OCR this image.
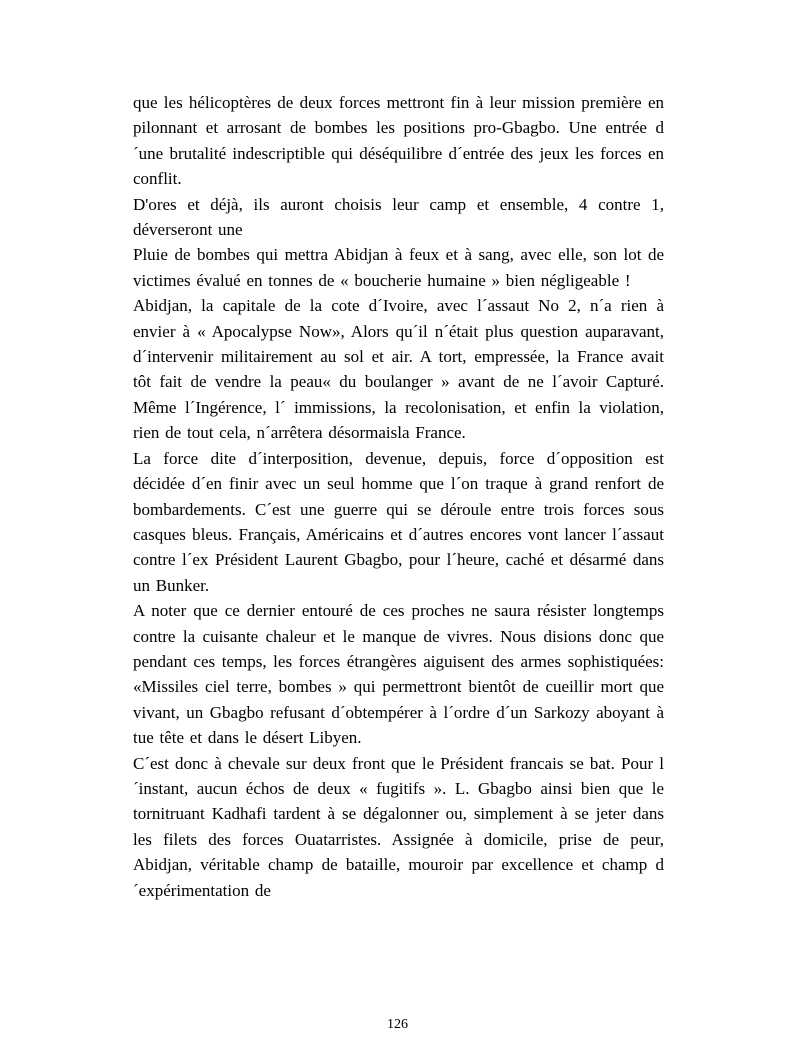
que les hélicoptères de deux forces mettront fin à leur mission première en pilonnant et arrosant de bombes les positions pro-Gbagbo. Une entrée d´une brutalité indescriptible qui déséquilibre d´entrée des jeux les forces en conflit.

D'ores et déjà, ils auront choisis leur camp et ensemble, 4 contre 1, déverseront une

Pluie de bombes qui mettra Abidjan à feux et à sang, avec elle, son lot de victimes évalué en tonnes de « boucherie humaine » bien négligeable !

Abidjan, la capitale de la cote d´Ivoire, avec l´assaut No 2, n´a rien à envier à « Apocalypse Now», Alors qu´il n´était plus question auparavant, d´intervenir militairement au sol et air. A tort, empressée, la France avait tôt fait de vendre la peau« du boulanger » avant de ne l´avoir Capturé. Même l´Ingérence, l´ immissions, la recolonisation, et enfin la violation, rien de tout cela, n´arrêtera désormaisla France.

La force dite d´interposition, devenue, depuis, force d´opposition est décidée d´en finir avec un seul homme que l´on traque à grand renfort de bombardements. C´est une guerre qui se déroule entre trois forces sous casques bleus. Français, Américains et d´autres encores vont lancer l´assaut contre l´ex Président Laurent Gbagbo, pour l´heure, caché et désarmé dans un Bunker.

A noter que ce dernier entouré de ces proches ne saura résister longtemps contre la cuisante chaleur et le manque de vivres. Nous disions donc que pendant ces temps, les forces étrangères aiguisent des armes sophistiquées: «Missiles ciel terre, bombes » qui permettront bientôt de cueillir mort que vivant, un Gbagbo refusant d´obtempérer à l´ordre d´un Sarkozy aboyant à tue tête et dans le désert Libyen.

C´est donc à chevale sur deux front que le Président francais se bat. Pour l´instant, aucun échos de deux « fugitifs ». L. Gbagbo ainsi bien que le tornitruant Kadhafi tardent à se dégalonner ou, simplement à se jeter dans les filets des forces Ouatarristes. Assignée à domicile, prise de peur, Abidjan, véritable champ de bataille, mouroir par excellence et champ d´expérimentation de

126
